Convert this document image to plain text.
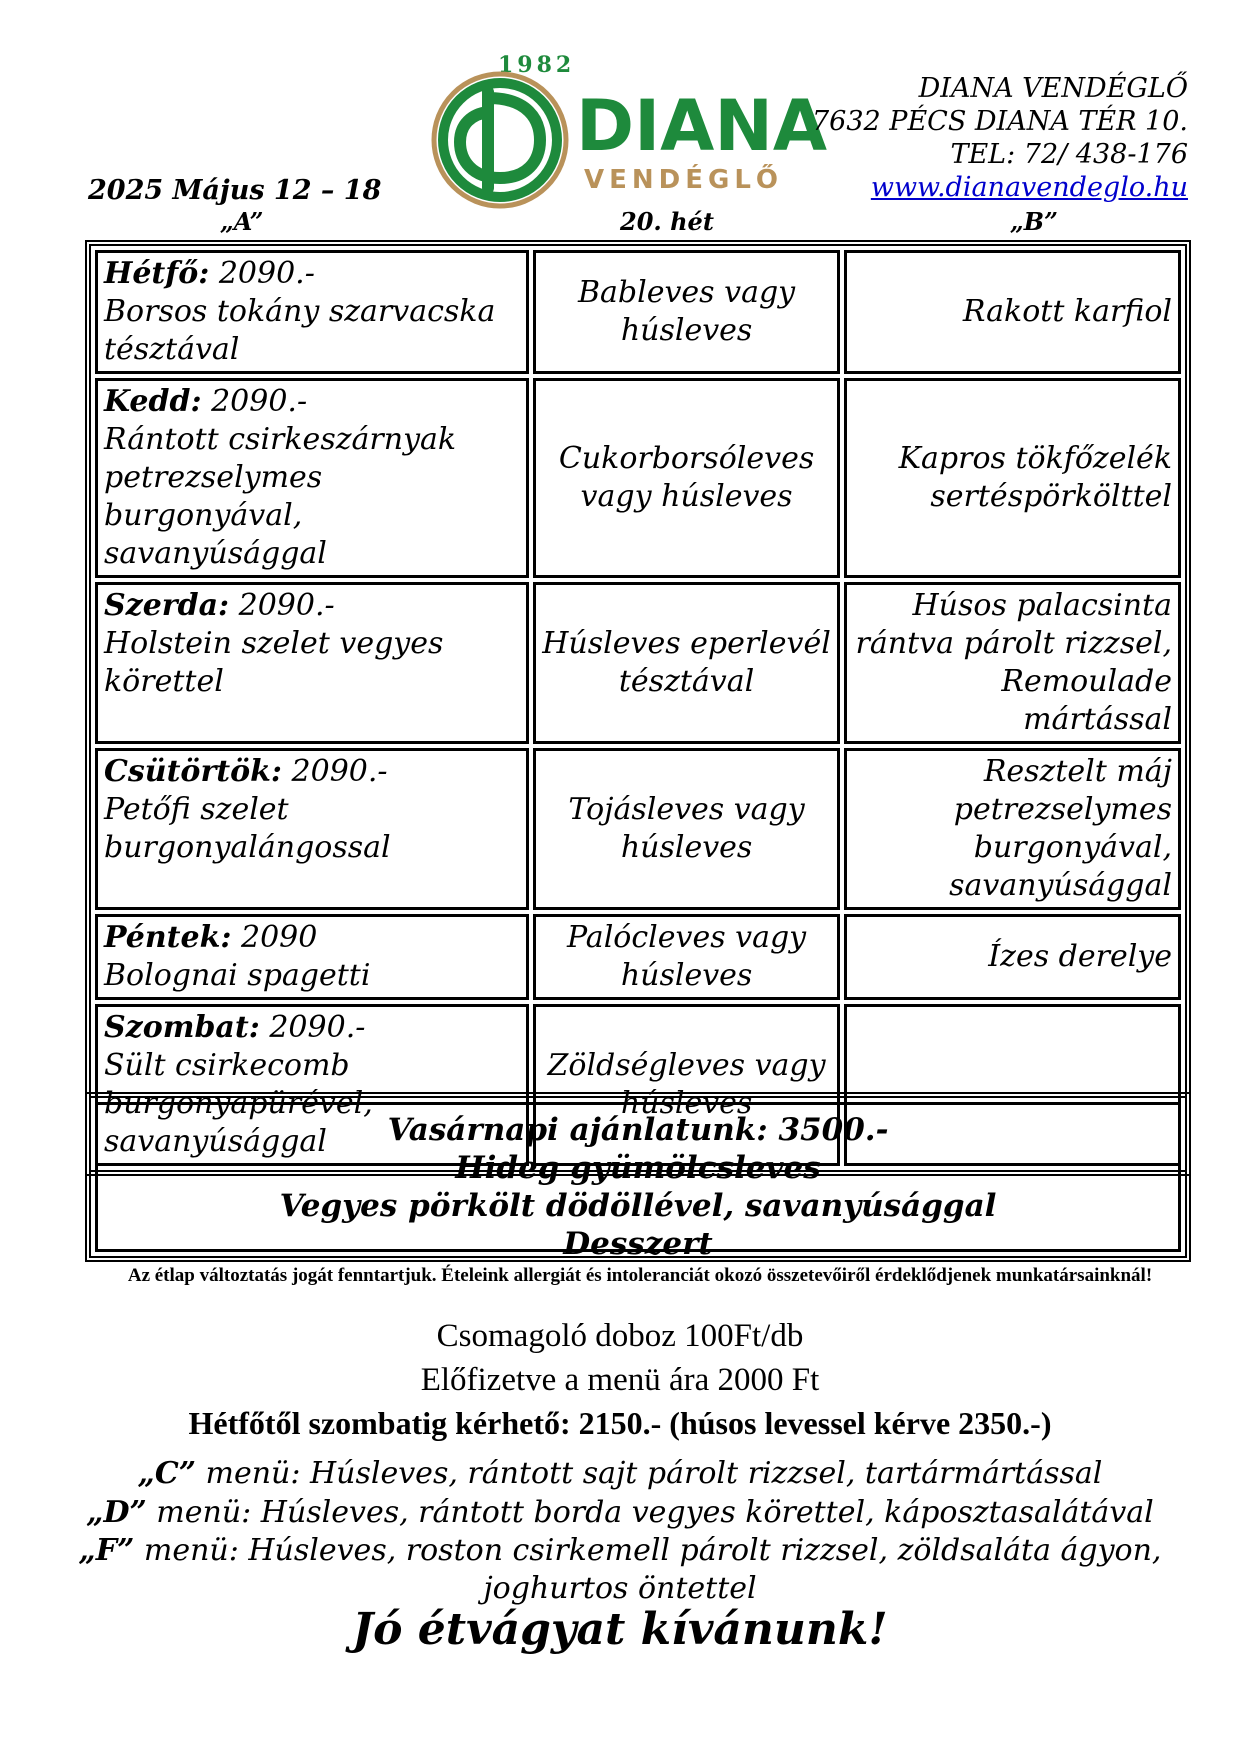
1982
DIANA
VENDÉGLŐ
DIANA VENDÉGLŐ
7632 PÉCS DIANA TÉR 10.
TEL: 72/ 438-176
www.dianavendeglo.hu
2025 Május 12 – 18
„A”	20. hét	„B”
Hétfő: 2090.-
Borsos tokány szarvacska tésztával	Bableves vagy húsleves	Rakott karfiol
Kedd: 2090.-
Rántott csirkeszárnyak petrezselymes burgonyával, savanyúsággal	Cukorborsóleves vagy húsleves	Kapros tökfőzelék sertéspörkölttel
Szerda: 2090.-
Holstein szelet vegyes körettel	Húsleves eperlevél tésztával	Húsos palacsinta rántva párolt rizzsel, Remoulade mártással
Csütörtök: 2090.-
Petőfi szelet burgonyalángossal	Tojásleves vagy húsleves	Resztelt máj petrezselymes burgonyával, savanyúsággal
Péntek: 2090
Bolognai spagetti	Palócleves vagy húsleves	Ízes derelye
Szombat: 2090.-
Sült csirkecomb burgonyapürével, savanyúsággal	Zöldségleves vagy húsleves	
Vasárnapi ajánlatunk: 3500.-
Hideg gyümölcsleves
Vegyes pörkölt dödöllével, savanyúsággal
Desszert
Az étlap változtatás jogát fenntartjuk. Ételeink allergiát és intoleranciát okozó összetevőiről érdeklődjenek munkatársainknál!
Csomagoló doboz 100Ft/db
Előfizetve a menü ára 2000 Ft
Hétfőtől szombatig kérhető: 2150.- (húsos levessel kérve 2350.-)
„C” menü: Húsleves, rántott sajt párolt rizzsel, tartármártással
„D” menü: Húsleves, rántott borda vegyes körettel, káposztasalátával
„F” menü: Húsleves, roston csirkemell párolt rizzsel, zöldsaláta ágyon, joghurtos öntettel
Jó étvágyat kívánunk!
